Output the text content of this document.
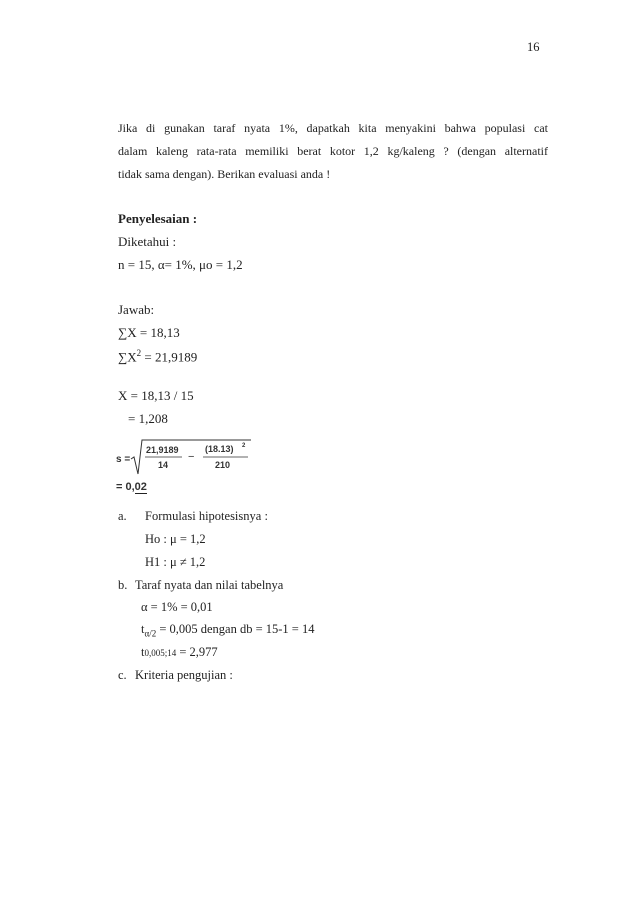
16
Jika di gunakan taraf nyata 1%, dapatkah kita menyakini bahwa populasi cat
dalam kaleng rata-rata memiliki berat kotor 1,2 kg/kaleng ? (dengan alternatif
tidak sama dengan). Berikan evaluasi anda !
Penyelesaian :
Diketahui :
n = 15, α= 1%, μo = 1,2
Jawab:
∑X = 18,13
$\sum X^2 = 21,9189$
X = 18,13 / 15
= 1,208
s =
21,9189
14
−
(18.13) 2
210
= 0,02
a. Formulasi hipotesisnya :
Ho : μ = 1,2
H1 : μ ≠ 1,2
b. Taraf nyata dan nilai tabelnya
α = 1% = 0,01
$t_{\alpha/2} = 0,005$ dengan db = 15-1 = 14
t0,005;14 = 2,977
c. Kriteria pengujian :
